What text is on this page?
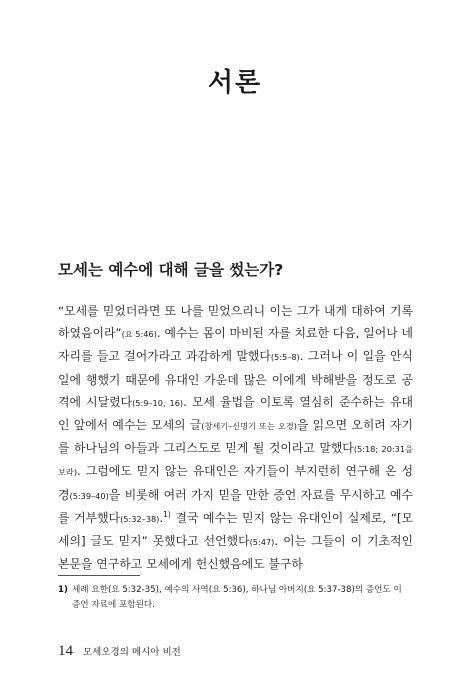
서론
모세는 예수에 대해 글을 썼는가?
“모세를 믿었더라면 또 나를 믿었으리니 이는 그가 내게 대하여 기록하였음이라”(요 5:46). 예수는 몸이 마비된 자를 치료한 다음, 일어나 네 자리를 들고 걸어가라고 과감하게 말했다(5:5–8). 그러나 이 일을 안식일에 행했기 때문에 유대인 가운데 많은 이에게 박해받을 정도로 공격에 시달렸다(5:9–10, 16). 모세 율법을 이토록 열심히 준수하는 유대인 앞에서 예수는 모세의 글(창세기–신명기 또는 오경)을 읽으면 오히려 자기를 하나님의 아들과 그리스도로 믿게 될 것이라고 말했다(5:18; 20:31을 보라). 그럼에도 믿지 않는 유대인은 자기들이 부지런히 연구해 온 성경(5:39–40)을 비롯해 여러 가지 믿을 만한 증언 자료를 무시하고 예수를 거부했다(5:32–38).$^{1)}$ 결국 예수는 믿지 않는 유대인이 실제로, “[모세의] 글도 믿지” 못했다고 선언했다(5:47). 이는 그들이 이 기초적인 본문을 연구하고 모세에게 헌신했음에도 불구하
1) 세례 요한(요 5:32-35), 예수의 사역(요 5:36), 하나님 아버지(요 5:37-38)의 증언도 이 증언 자료에 포함된다.
14 모세오경의 메시아 비전
